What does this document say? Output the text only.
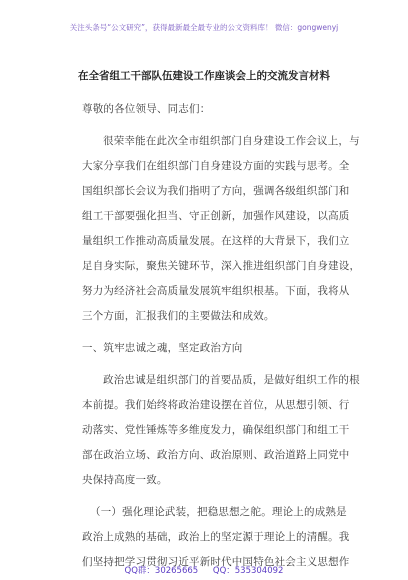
关注头条号“公文研究”，获得最新最全最专业的公文资料库！ 微信：gongwenyj
在全省组工干部队伍建设工作座谈会上的交流发言材料
尊敬的各位领导、同志们：
很荣幸能在此次全市组织部门自身建设工作会议上，与
大家分享我们在组织部门自身建设方面的实践与思考。全
国组织部长会议为我们指明了方向，强调各级组织部门和
组工干部要强化担当、守正创新，加强作风建设，以高质
量组织工作推动高质量发展。在这样的大背景下，我们立
足自身实际，聚焦关键环节，深入推进组织部门自身建设，
努力为经济社会高质量发展筑牢组织根基。下面，我将从
三个方面，汇报我们的主要做法和成效。
一、筑牢忠诚之魂，坚定政治方向
政治忠诚是组织部门的首要品质，是做好组织工作的根
本前提。我们始终将政治建设摆在首位，从思想引领、行
动落实、党性锤炼等多维度发力，确保组织部门和组工干
部在政治立场、政治方向、政治原则、政治道路上同党中
央保持高度一致。
（一）强化理论武装，把稳思想之舵。理论上的成熟是
政治上成熟的基础，政治上的坚定源于理论上的清醒。我
们坚持把学习贯彻习近平新时代中国特色社会主义思想作
QQ群：30265665 QQ：535304092
